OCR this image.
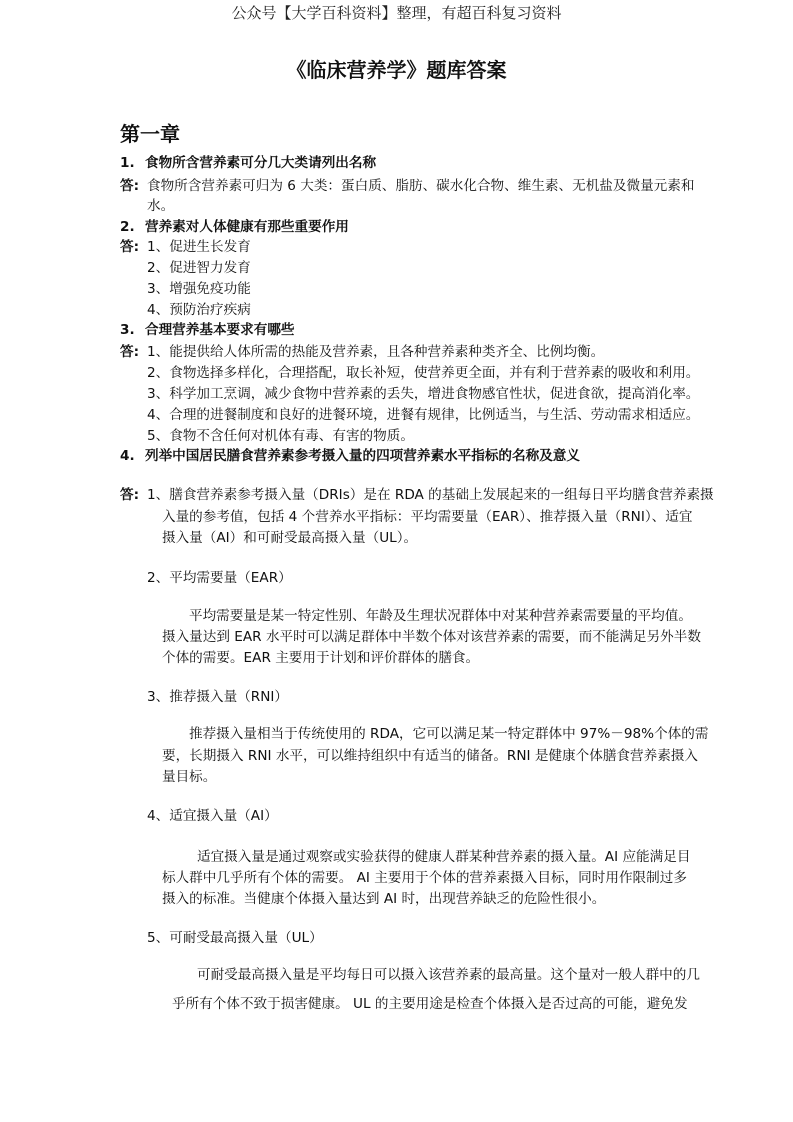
公众号【大学百科资料】整理，有超百科复习资料
《临床营养学》题库答案
第一章
1. 食物所含营养素可分几大类请列出名称
答: 食物所含营养素可归为 6 大类：蛋白质、脂肪、碳水化合物、维生素、无机盐及微量元素和
水。
2. 营养素对人体健康有那些重要作用
答: 1、促进生长发育
2、促进智力发育
3、增强免疫功能
4、预防治疗疾病
3. 合理营养基本要求有哪些
答: 1、能提供给人体所需的热能及营养素，且各种营养素种类齐全、比例均衡。
2、食物选择多样化，合理搭配，取长补短，使营养更全面，并有利于营养素的吸收和利用。
3、科学加工烹调，减少食物中营养素的丢失，增进食物感官性状，促进食欲，提高消化率。
4、合理的进餐制度和良好的进餐环境，进餐有规律，比例适当，与生活、劳动需求相适应。
5、食物不含任何对机体有毒、有害的物质。
4. 列举中国居民膳食营养素参考摄入量的四项营养素水平指标的名称及意义
答: 1、膳食营养素参考摄入量（DRIs）是在 RDA 的基础上发展起来的一组每日平均膳食营养素摄
入量的参考值，包括 4 个营养水平指标：平均需要量（EAR）、推荐摄入量（RNI）、适宜
摄入量（AI）和可耐受最高摄入量（UL）。
2、平均需要量（EAR）
平均需要量是某一特定性别、年龄及生理状况群体中对某种营养素需要量的平均值。
摄入量达到 EAR 水平时可以满足群体中半数个体对该营养素的需要，而不能满足另外半数
个体的需要。EAR 主要用于计划和评价群体的膳食。
3、推荐摄入量（RNI）
推荐摄入量相当于传统使用的 RDA，它可以满足某一特定群体中 97%－98%个体的需
要，长期摄入 RNI 水平，可以维持组织中有适当的储备。RNI 是健康个体膳食营养素摄入
量目标。
4、适宜摄入量（AI）
适宜摄入量是通过观察或实验获得的健康人群某种营养素的摄入量。AI 应能满足目
标人群中几乎所有个体的需要。 AI 主要用于个体的营养素摄入目标，同时用作限制过多
摄入的标准。当健康个体摄入量达到 AI 时，出现营养缺乏的危险性很小。
5、可耐受最高摄入量（UL）
可耐受最高摄入量是平均每日可以摄入该营养素的最高量。这个量对一般人群中的几
乎所有个体不致于损害健康。 UL 的主要用途是检查个体摄入是否过高的可能，避免发
